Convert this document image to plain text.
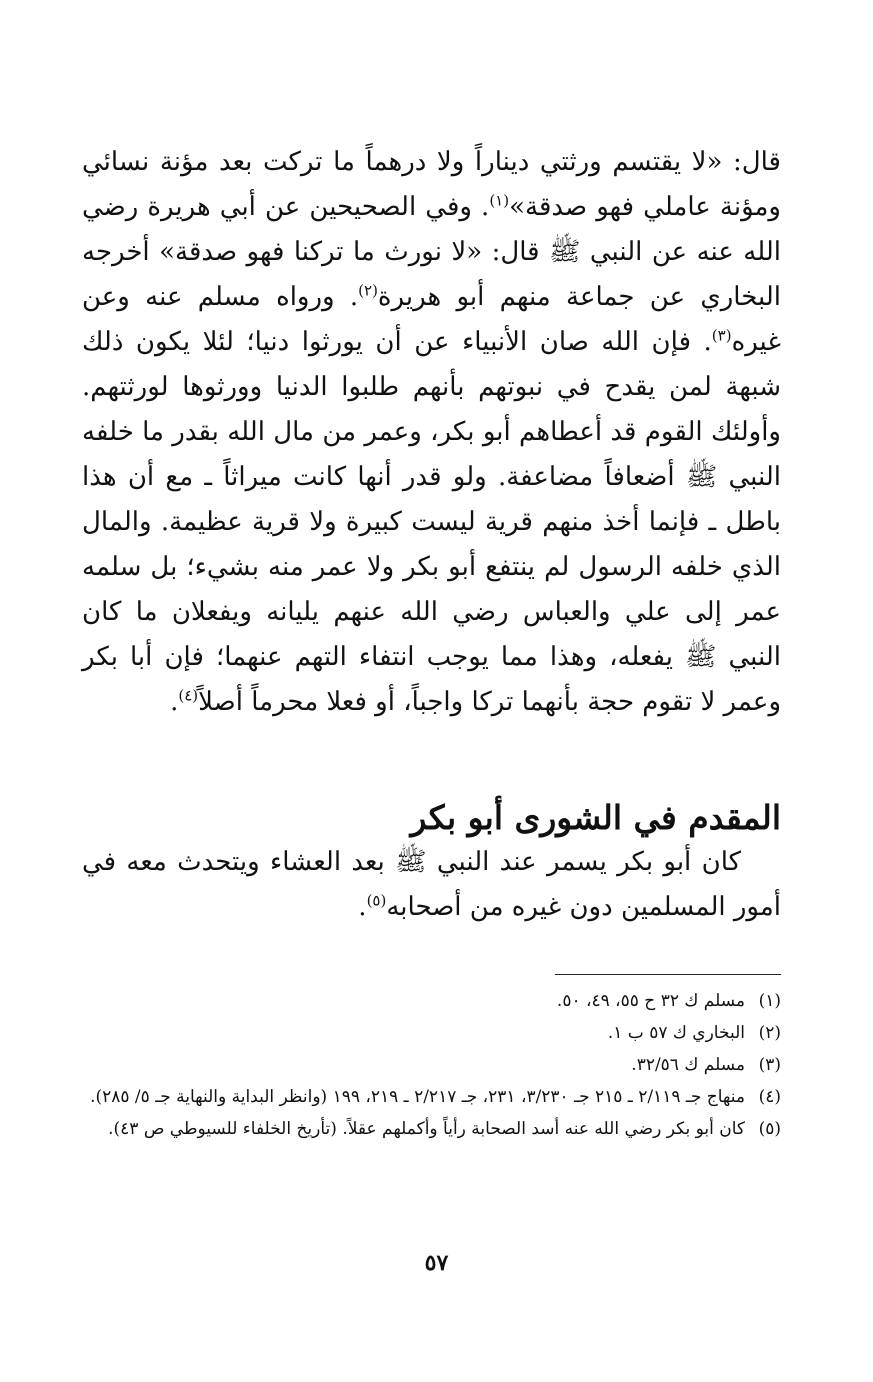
قال: «لا يقتسم ورثتي ديناراً ولا درهماً ما تركت بعد مؤنة نسائي ومؤنة عاملي فهو صدقة»$^{(١)}$. وفي الصحيحين عن أبي هريرة رضي الله عنه عن النبي ﷺ قال: «لا نورث ما تركنا فهو صدقة» أخرجه البخاري عن جماعة منهم أبو هريرة$^{(٢)}$. ورواه مسلم عنه وعن غيره$^{(٣)}$. فإن الله صان الأنبياء عن أن يورثوا دنيا؛ لئلا يكون ذلك شبهة لمن يقدح في نبوتهم بأنهم طلبوا الدنيا وورثوها لورثتهم. وأولئك القوم قد أعطاهم أبو بكر، وعمر من مال الله بقدر ما خلفه النبي ﷺ أضعافاً مضاعفة. ولو قدر أنها كانت ميراثاً ـ مع أن هذا باطل ـ فإنما أخذ منهم قرية ليست كبيرة ولا قرية عظيمة. والمال الذي خلفه الرسول لم ينتفع أبو بكر ولا عمر منه بشيء؛ بل سلمه عمر إلى علي والعباس رضي الله عنهم يليانه ويفعلان ما كان النبي ﷺ يفعله، وهذا مما يوجب انتفاء التهم عنهما؛ فإن أبا بكر وعمر لا تقوم حجة بأنهما تركا واجباً، أو فعلا محرماً أصلاً$^{(٤)}$.

المقدم في الشورى أبو بكر

كان أبو بكر يسمر عند النبي ﷺ بعد العشاء ويتحدث معه في أمور المسلمين دون غيره من أصحابه$^{(٥)}$.

(١)
مسلم ك ٣٢ ح ٥٥، ٤٩، ٥٠.
(٢)
البخاري ك ٥٧ ب ١.
(٣)
مسلم ك ٣٢/٥٦.
(٤)
منهاج جـ ٢/١١٩ ـ ٢١٥ جـ ٣/٢٣٠، ٢٣١، جـ ٢/٢١٧ ـ ٢١٩، ١٩٩ (وانظر البداية والنهاية جـ ٥/ ٢٨٥).
(٥)
كان أبو بكر رضي الله عنه أسد الصحابة رأياً وأكملهم عقلاً. (تأريخ الخلفاء للسيوطي ص ٤٣).
٥٧
